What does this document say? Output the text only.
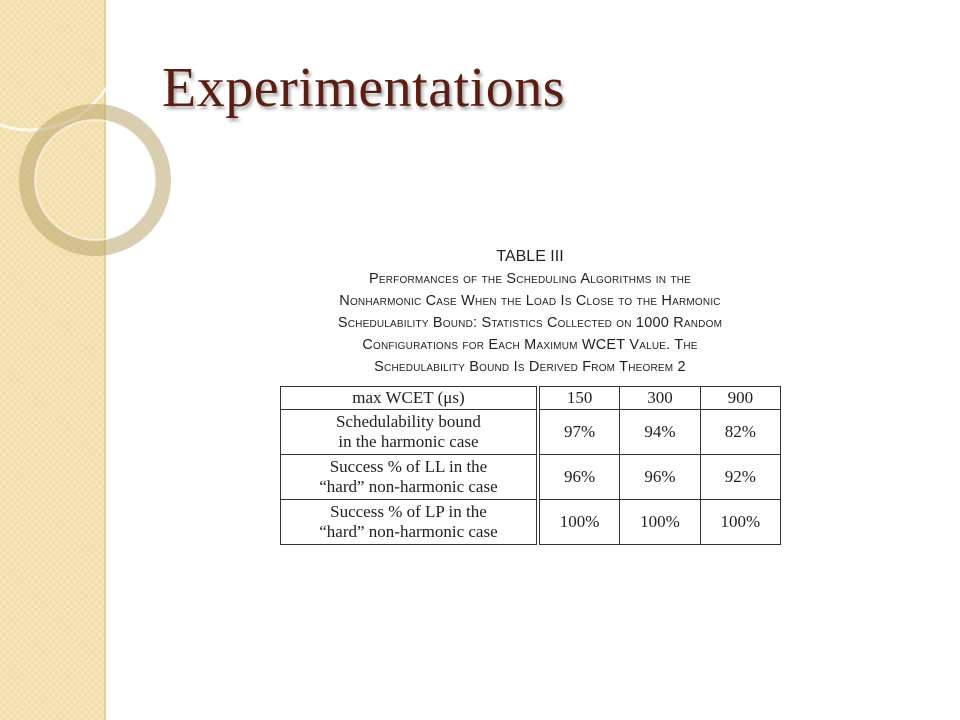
Experimentations
TABLE III
Performances of the Scheduling Algorithms in the
Nonharmonic Case When the Load Is Close to the Harmonic
Schedulability Bound: Statistics Collected on 1000 Random
Configurations for Each Maximum WCET Value. The
Schedulability Bound Is Derived From Theorem 2
max WCET (μs)	150	300	900

Schedulability bound
in the harmonic case	97%	94%	82%

Success % of LL in the
“hard” non-harmonic case	96%	96%	92%

Success % of LP in the
“hard” non-harmonic case	100%	100%	100%
